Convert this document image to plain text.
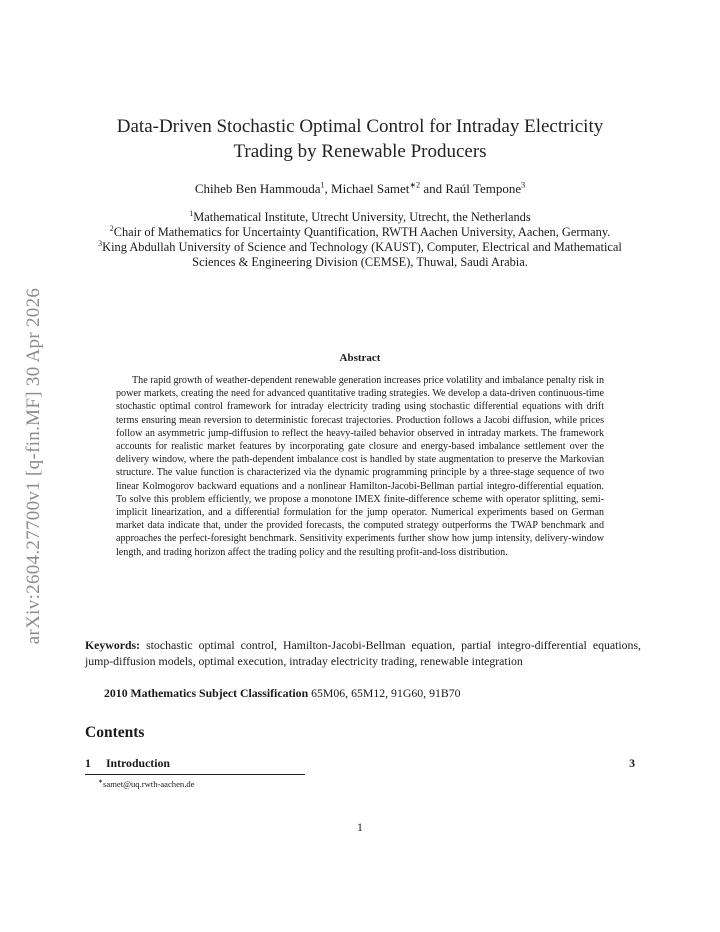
arXiv:2604.27700v1 [q-fin.MF] 30 Apr 2026
Data-Driven Stochastic Optimal Control for Intraday Electricity
Trading by Renewable Producers
Chiheb Ben Hammouda$^1$, Michael Samet$^{∗2}$ and Raúl Tempone$^3$
$^1$Mathematical Institute, Utrecht University, Utrecht, the Netherlands
$^2$Chair of Mathematics for Uncertainty Quantification, RWTH Aachen University, Aachen, Germany.
$^3$King Abdullah University of Science and Technology (KAUST), Computer, Electrical and Mathematical Sciences & Engineering Division (CEMSE), Thuwal, Saudi Arabia.
Abstract
The rapid growth of weather-dependent renewable generation increases price volatility and imbalance penalty risk in power markets, creating the need for advanced quantitative trading strategies. We develop a data-driven continuous-time stochastic optimal control framework for intraday electricity trading using stochastic differential equations with drift terms ensuring mean reversion to deterministic forecast trajectories. Production follows a Jacobi diffusion, while prices follow an asymmetric jump-diffusion to reflect the heavy-tailed behavior observed in intraday markets. The framework accounts for realistic market features by incorporating gate closure and energy-based imbalance settlement over the delivery window, where the path-dependent imbalance cost is handled by state augmentation to preserve the Markovian structure. The value function is characterized via the dynamic programming principle by a three-stage sequence of two linear Kolmogorov backward equations and a nonlinear Hamilton-Jacobi-Bellman partial integro-differential equation. To solve this problem efficiently, we propose a monotone IMEX finite-difference scheme with operator splitting, semi-implicit linearization, and a differential formulation for the jump operator. Numerical experiments based on German market data indicate that, under the provided forecasts, the computed strategy outperforms the TWAP benchmark and approaches the perfect-foresight benchmark. Sensitivity experiments further show how jump intensity, delivery-window length, and trading horizon affect the trading policy and the resulting profit-and-loss distribution.
Keywords: stochastic optimal control, Hamilton-Jacobi-Bellman equation, partial integro-differential equations, jump-diffusion models, optimal execution, intraday electricity trading, renewable integration
2010 Mathematics Subject Classification 65M06, 65M12, 91G60, 91B70
Contents
1 Introduction	3
∗samet@uq.rwth-aachen.de
1
